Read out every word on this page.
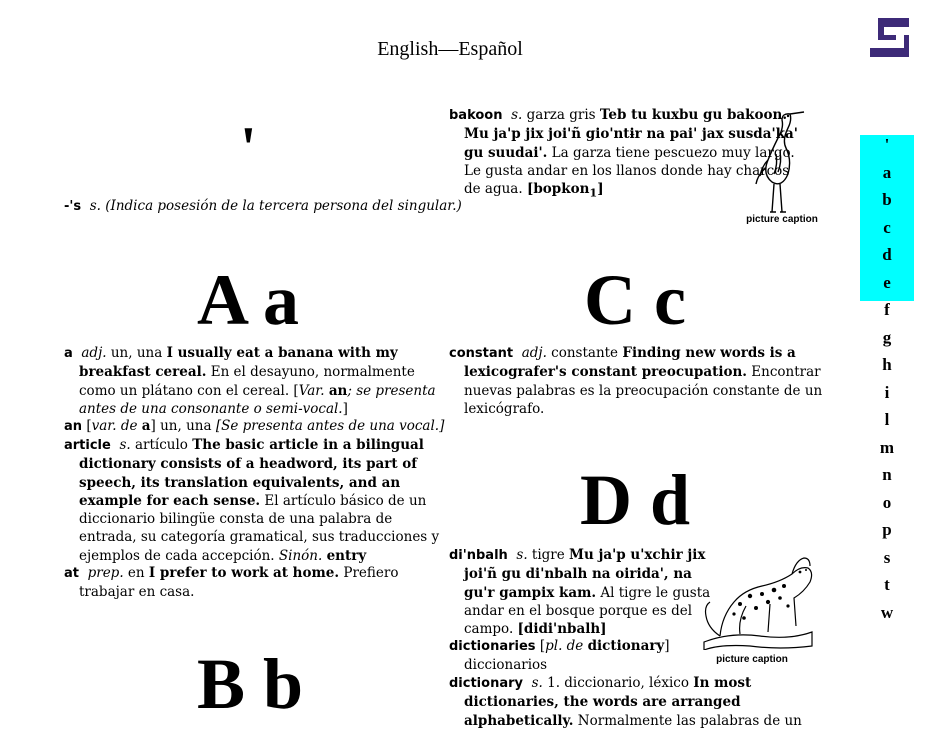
English—Español
'
a
b
c
d
e
f
g
h
i
l
m
n
o
p
s
t
w
'
-'s s. (Indica posesión de la tercera persona del singular.)
A a
a adj. un, una I usually eat a banana with my breakfast cereal. En el desayuno, normalmente como un plátano con el cereal. [Var. an; se presenta antes de una consonante o semi-vocal.]
an [var. de a] un, una [Se presenta antes de una vocal.]
article s. artículo The basic article in a bilingual dictionary consists of a headword, its part of speech, its translation equivalents, and an example for each sense. El artículo básico de un diccionario bilingüe consta de una palabra de entrada, su categoría gramatical, sus traducciones y ejemplos de cada accepción. Sinón. entry
at prep. en I prefer to work at home. Prefiero trabajar en casa.
B b
bakoon s. garza gris Teb tu kuxbu gu bakoon. Mu ja'p jix joi'ñ gio'ntɨr na pai' jax susda'ka' gu suudai'. La garza tiene pescuezo muy largo. Le gusta andar en los llanos donde hay charcos de agua. [bopkon$_1$]
picture caption
C c
constant adj. constante Finding new words is a lexicografer's constant preocupation. Encontrar nuevas palabras es la preocupación constante de un lexicógrafo.
D d
di'nbalh s. tigre Mu ja'p u'xchir jix joi'ñ gu di'nbalh na oirida', na gu'r gampix kam. Al tigre le gusta andar en el bosque porque es del campo. [didi'nbalh]
picture caption
dictionaries [pl. de dictionary] diccionarios
dictionary s. 1. diccionario, léxico In most dictionaries, the words are arranged alphabetically. Normalmente las palabras de un
